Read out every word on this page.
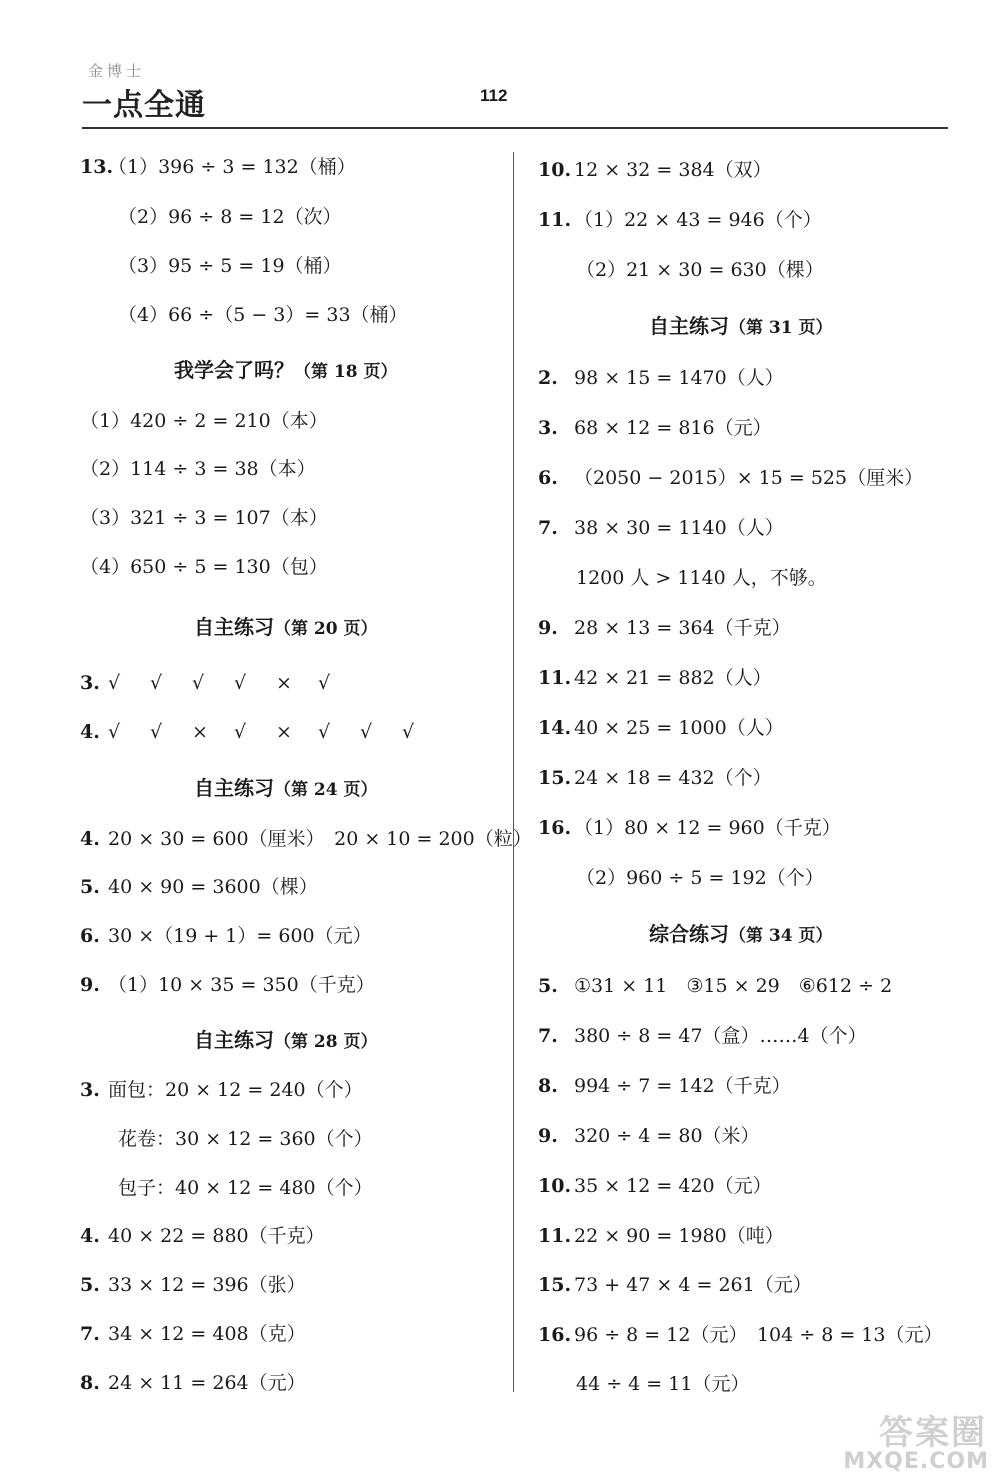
金博士
一点全通	112
13.（1）396 ÷ 3 = 132（桶）
（2）96 ÷ 8 = 12（次）
（3）95 ÷ 5 = 19（桶）
（4）66 ÷（5 − 3）= 33（桶）
我学会了吗？（第 18 页）
（1）420 ÷ 2 = 210（本）
（2）114 ÷ 3 = 38（本）
（3）321 ÷ 3 = 107（本）
（4）650 ÷ 5 = 130（包）
自主练习（第 20 页）
3. √ √ √ √ × √
4. √ √ × √ × √ √ √
自主练习（第 24 页）
4. 20 × 30 = 600（厘米）　20 × 10 = 200（粒）
5. 40 × 90 = 3600（棵）
6. 30 ×（19 + 1）= 600（元）
9. （1）10 × 35 = 350（千克）
自主练习（第 28 页）
3. 面包：20 × 12 = 240（个）
花卷：30 × 12 = 360（个）
包子：40 × 12 = 480（个）
4. 40 × 22 = 880（千克）
5. 33 × 12 = 396（张）
7. 34 × 12 = 408（克）
8. 24 × 11 = 264（元）
10. 12 × 32 = 384（双）
11. （1）22 × 43 = 946（个）
（2）21 × 30 = 630（棵）
自主练习（第 31 页）
2. 98 × 15 = 1470（人）
3. 68 × 12 = 816（元）
6. （2050 − 2015）× 15 = 525（厘米）
7. 38 × 30 = 1140（人）
1200 人 > 1140 人，不够。
9. 28 × 13 = 364（千克）
11. 42 × 21 = 882（人）
14. 40 × 25 = 1000（人）
15. 24 × 18 = 432（个）
16. （1）80 × 12 = 960（千克）
（2）960 ÷ 5 = 192（个）
综合练习（第 34 页）
5. ①31 × 11　③15 × 29　⑥612 ÷ 2
7. 380 ÷ 8 = 47（盒）……4（个）
8. 994 ÷ 7 = 142（千克）
9. 320 ÷ 4 = 80（米）
10. 35 × 12 = 420（元）
11. 22 × 90 = 1980（吨）
15. 73 + 47 × 4 = 261（元）
16. 96 ÷ 8 = 12（元）　104 ÷ 8 = 13（元）
44 ÷ 4 = 11（元）
答案圈
MXQE.COM
